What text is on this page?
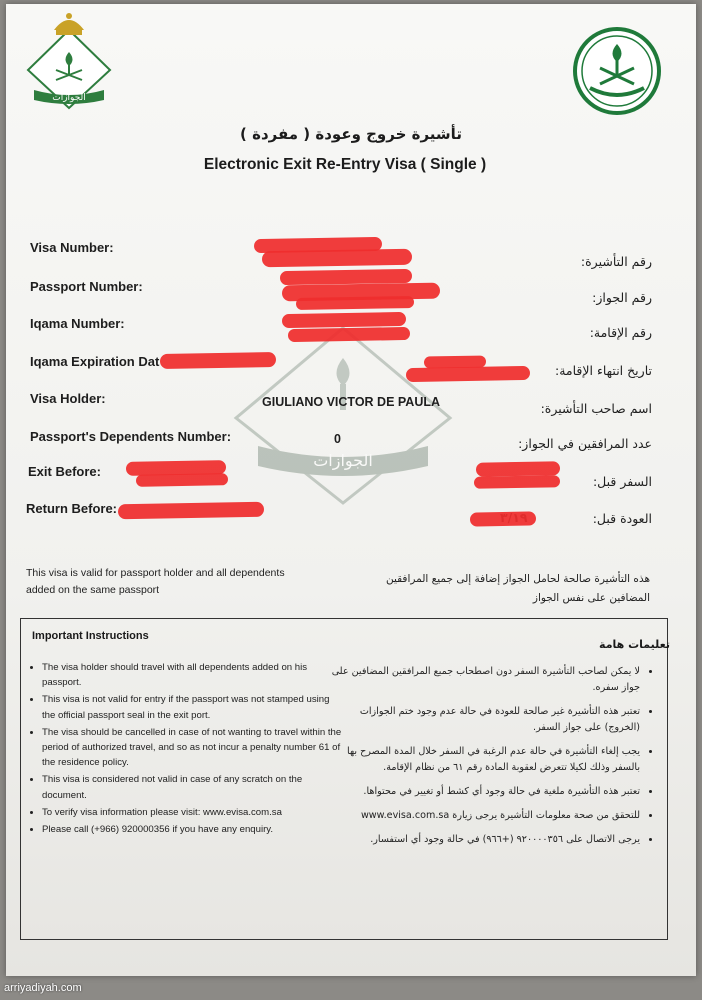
الجوازات
تأشيرة خروج وعودة ( مفردة )
Electronic Exit Re-Entry Visa ( Single )
الجوازات
Visa Number:
Passport Number:
Iqama Number:
Iqama Expiration Dat
Visa Holder:
Passport's Dependents Number:
Exit Before:
Return Before:
رقم التأشيرة:
رقم الجواز:
رقم الإقامة:
تاريخ انتهاء الإقامة:
اسم صاحب التأشيرة:
عدد المرافقين في الجواز:
السفر قبل:
العودة قبل:
GIULIANO VICTOR DE PAULA
0
This visa is valid for passport holder and all dependents added on the same passport
هذه التأشيرة صالحة لحامل الجواز إضافة إلى جميع المرافقين المضافين على نفس الجواز
Important Instructions
تعليمات هامة
• The visa holder should travel with all dependents added on his passport.
• This visa is not valid for entry if the passport was not stamped using the official passport seal in the exit port.
• The visa should be cancelled in case of not wanting to travel within the period of authorized travel, and so as not incur a penalty number 61 of the residence policy.
• This visa is considered not valid in case of any scratch on the document.
• To verify visa information please visit: www.evisa.com.sa
• Please call (+966) 920000356 if you have any enquiry.
• لا يمكن لصاحب التأشيرة السفر دون اصطحاب جميع المرافقين المضافين على جواز سفره.
• تعتبر هذه التأشيرة غير صالحة للعودة في حالة عدم وجود ختم الجوازات (الخروج) على جواز السفر.
• يجب إلغاء التأشيرة في حالة عدم الرغبة في السفر خلال المدة المصرح بها بالسفر وذلك لكيلا تتعرض لعقوبة المادة رقم ٦١ من نظام الإقامة.
• تعتبر هذه التأشيرة ملغية في حالة وجود أي كشط أو تغيير في محتواها.
• للتحقق من صحة معلومات التأشيرة يرجى زيارة www.evisa.com.sa
• يرجى الاتصال على ٩٢٠٠٠٠٣٥٦ (+٩٦٦) في حالة وجود أي استفسار.
arriyadiyah.com
